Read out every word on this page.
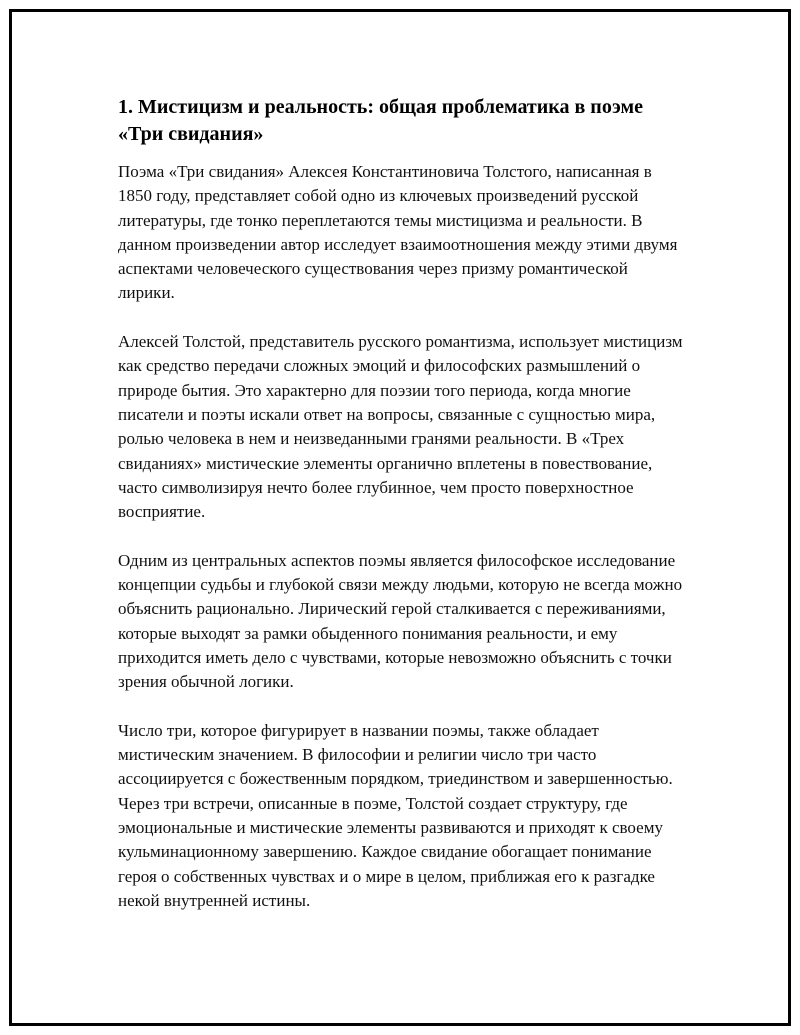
1. Мистицизм и реальность: общая проблематика в поэме «Три свидания»

Поэма «Три свидания» Алексея Константиновича Толстого, написанная в 1850 году, представляет собой одно из ключевых произведений русской литературы, где тонко переплетаются темы мистицизма и реальности. В данном произведении автор исследует взаимоотношения между этими двумя аспектами человеческого существования через призму романтической лирики.

Алексей Толстой, представитель русского романтизма, использует мистицизм как средство передачи сложных эмоций и философских размышлений о природе бытия. Это характерно для поэзии того периода, когда многие писатели и поэты искали ответ на вопросы, связанные с сущностью мира, ролью человека в нем и неизведанными гранями реальности. В «Трех свиданиях» мистические элементы органично вплетены в повествование, часто символизируя нечто более глубинное, чем просто поверхностное восприятие.

Одним из центральных аспектов поэмы является философское исследование концепции судьбы и глубокой связи между людьми, которую не всегда можно объяснить рационально. Лирический герой сталкивается с переживаниями, которые выходят за рамки обыденного понимания реальности, и ему приходится иметь дело с чувствами, которые невозможно объяснить с точки зрения обычной логики.

Число три, которое фигурирует в названии поэмы, также обладает мистическим значением. В философии и религии число три часто ассоциируется с божественным порядком, триединством и завершенностью. Через три встречи, описанные в поэме, Толстой создает структуру, где эмоциональные и мистические элементы развиваются и приходят к своему кульминационному завершению. Каждое свидание обогащает понимание героя о собственных чувствах и о мире в целом, приближая его к разгадке некой внутренней истины.
